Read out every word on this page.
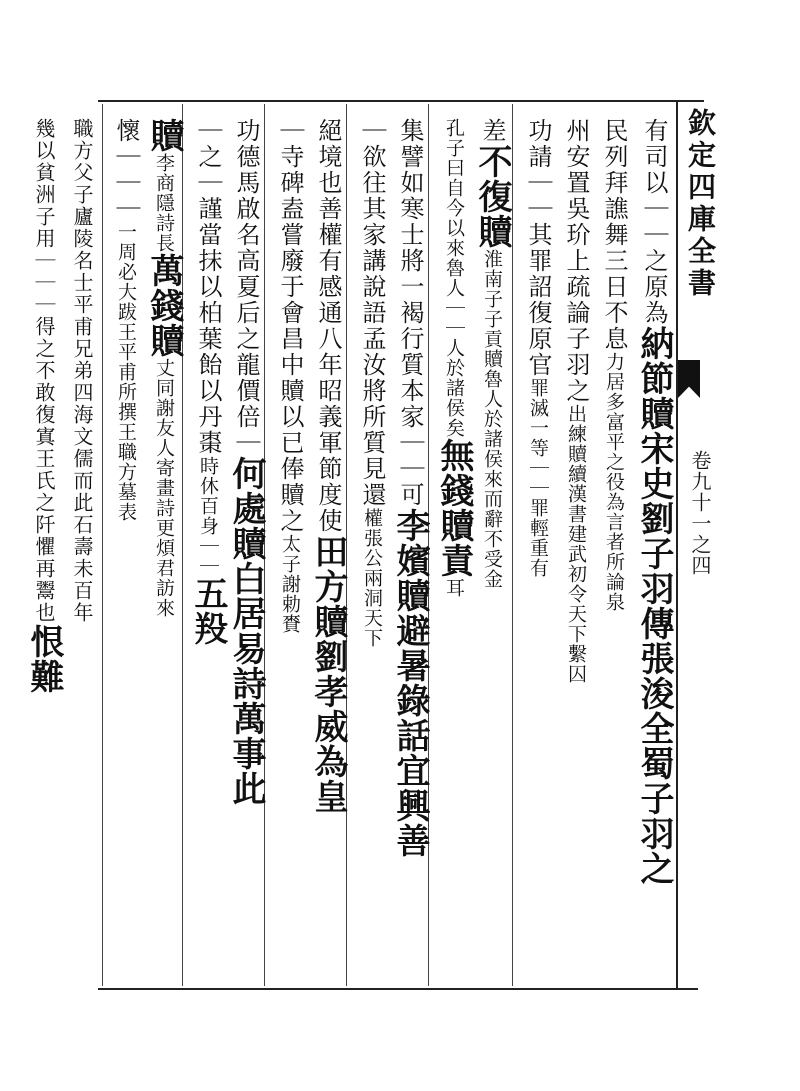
欽定四庫全書
卷九十一之四
有司以｜｜之原為納節贖宋史劉子羽傳張浚全蜀子羽之
民列拜譙舞三日不息力居多富平之役為言者所論泉
州安置吳玠上疏論子羽之出練贖續漢書建武初令天下繫囚
功請｜｜其罪詔復原官罪滅一等｜｜罪輕重有
差不復贖淮南子子貢贖魯人於諸侯來而辭不受金
孔子曰自今以來魯人｜｜人於諸侯矣無錢贖責耳
集譬如寒士將一褐行質本家｜｜可李嬪贖避暑錄話宜興善
｜欲往其家講說語孟汝將所質見還權張公兩洞天下
絕境也善權有感通八年昭義軍節度使田方贖劉孝威為皇
｜寺碑盍嘗廢于會昌中贖以已俸贖之太子謝勅賚
功德馬啟名高夏后之龍價倍｜何處贖白居易詩萬事此
｜之｜謹當抹以柏葉飴以丹棗時休百身｜｜五羖
贖李商隱詩長萬錢贖丈同謝友人寄畫詩更煩君訪來
懷｜｜｜一周必大跋王平甫所撰王職方墓表
職方父子廬陵名士平甫兄弟四海文儒而此石壽未百年
幾以貧洲子用｜｜｜得之不敢復寘王氏之阡懼再鬻也恨難
